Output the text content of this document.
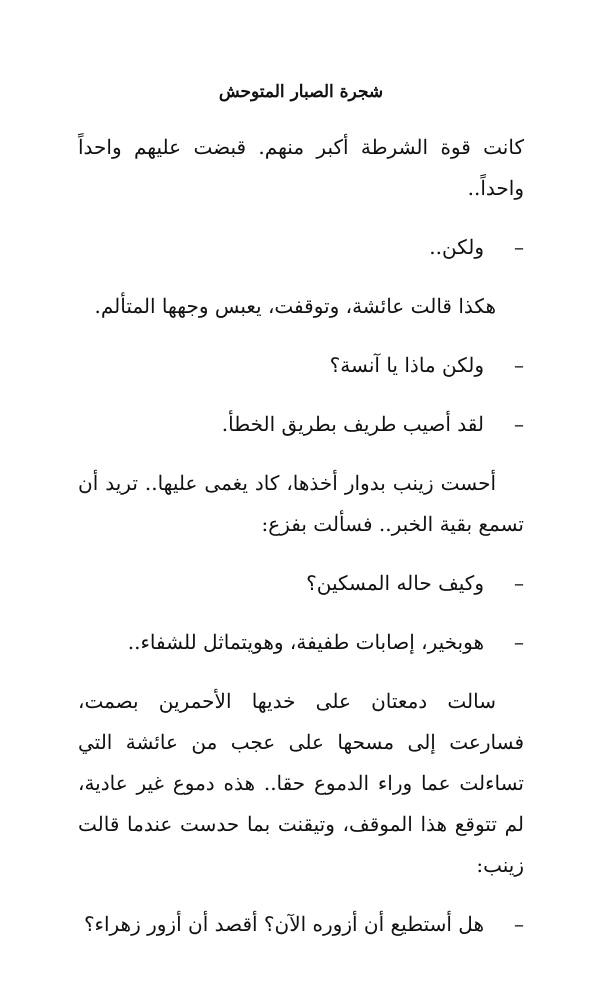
شجرة الصبار المتوحش

كانت قوة الشرطة أكبر منهم. قبضت عليهم واحداً واحداً..

–
ولكن..

هكذا قالت عائشة، وتوقفت، يعبس وجهها المتألم.

–
ولكن ماذا يا آنسة؟
–
لقد أصيب طريف بطريق الخطأ.

أحست زينب بدوار أخذها، كاد يغمى عليها.. تريد أن تسمع بقية الخبر.. فسألت بفزع:

–
وكيف حاله المسكين؟
–
هوبخير، إصابات طفيفة، وهويتماثل للشفاء..

سالت دمعتان على خديها الأحمرين بصمت، فسارعت إلى مسحها على عجب من عائشة التي تساءلت عما وراء الدموع حقا.. هذه دموع غير عادية، لم تتوقع هذا الموقف، وتيقنت بما حدست عندما قالت زينب:

–
هل أستطيع أن أزوره الآن؟ أقصد أن أزور زهراء؟
